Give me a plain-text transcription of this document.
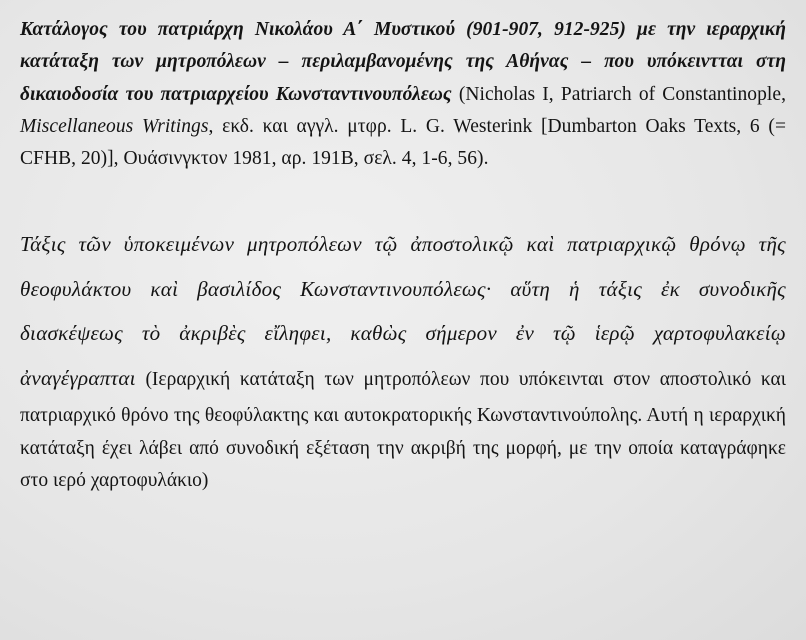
Κατάλογος του πατριάρχη Νικολάου Α΄ Μυστικού (901-907, 912-925) με την ιεραρχική κατάταξη των μητροπόλεων – περιλαμβανομένης της Αθήνας – που υπόκειντται στη δικαιοδοσία του πατριαρχείου Κωνσταντινουπόλεως (Nicholas I, Patriarch of Constantinople, Miscellaneous Writings, εκδ. και αγγλ. μτφρ. L. G. Westerink [Dumbarton Oaks Texts, 6 (= CFHB, 20)], Ουάσινγκτον 1981, αρ. 191B, σελ. 4, 1-6, 56).

Τάξις τῶν ὑποκειμένων μητροπόλεων τῷ ἀποστολικῷ καὶ πατριαρχικῷ θρόνῳ τῆς θεοφυλάκτου καὶ βασιλίδος Κωνσταντινουπόλεως· αὕτη ἡ τάξις ἐκ συνοδικῆς διασκέψεως τὸ ἀκριβὲς εἴληφει, καθὼς σήμερον ἐν τῷ ἱερῷ χαρτοφυλακείῳ ἀναγέγραπται (Ιεραρχική κατάταξη των μητροπόλεων που υπόκεινται στον αποστολικό και πατριαρχικό θρόνο της θεοφύλακτης και αυτοκρατορικής Κωνσταντινούπολης. Αυτή η ιεραρχική κατάταξη έχει λάβει από συνοδική εξέταση την ακριβή της μορφή, με την οποία καταγράφηκε στο ιερό χαρτοφυλάκιο)
